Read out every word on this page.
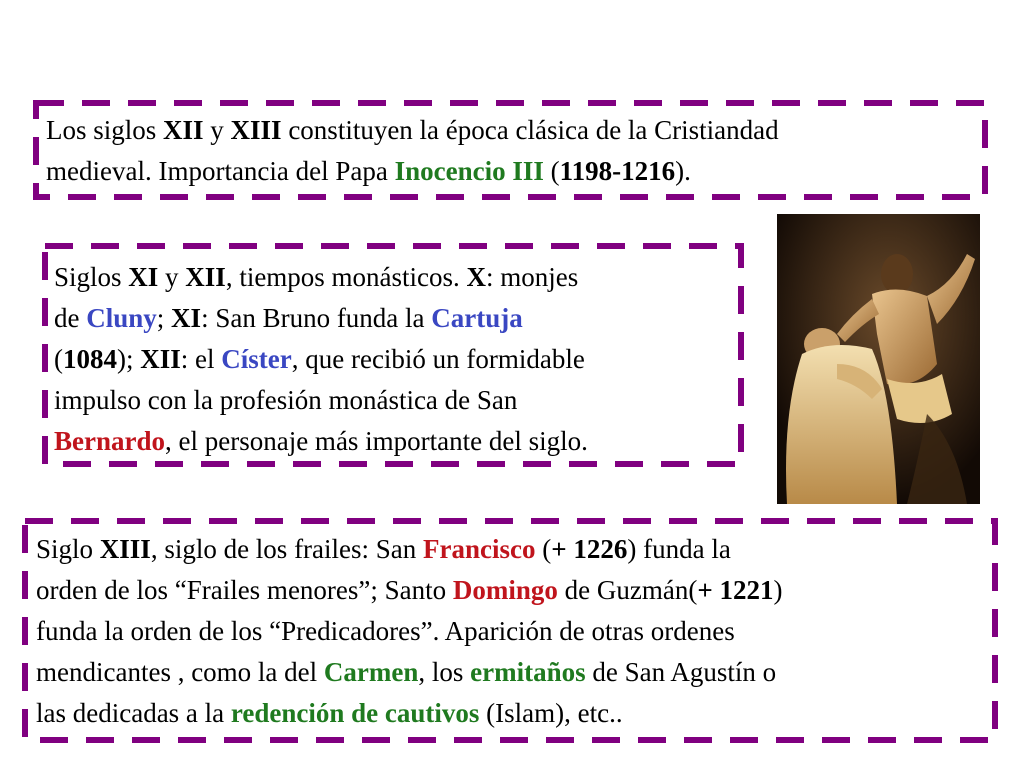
Los siglos XII y XIII constituyen la época clásica de la Cristiandad
medieval. Importancia del Papa Inocencio III (1198-1216).
Siglos XI y XII, tiempos monásticos. X: monjes
de Cluny; XI: San Bruno funda la Cartuja
(1084); XII: el Císter, que recibió un formidable
impulso con la profesión monástica de San
Bernardo, el personaje más importante del siglo.
Siglo XIII, siglo de los frailes: San Francisco (+ 1226) funda la
orden de los “Frailes menores”; Santo Domingo de Guzmán(+ 1221)
funda la orden de los “Predicadores”. Aparición de otras ordenes
mendicantes , como la del Carmen, los ermitaños de San Agustín o
las dedicadas a la redención de cautivos (Islam), etc..
